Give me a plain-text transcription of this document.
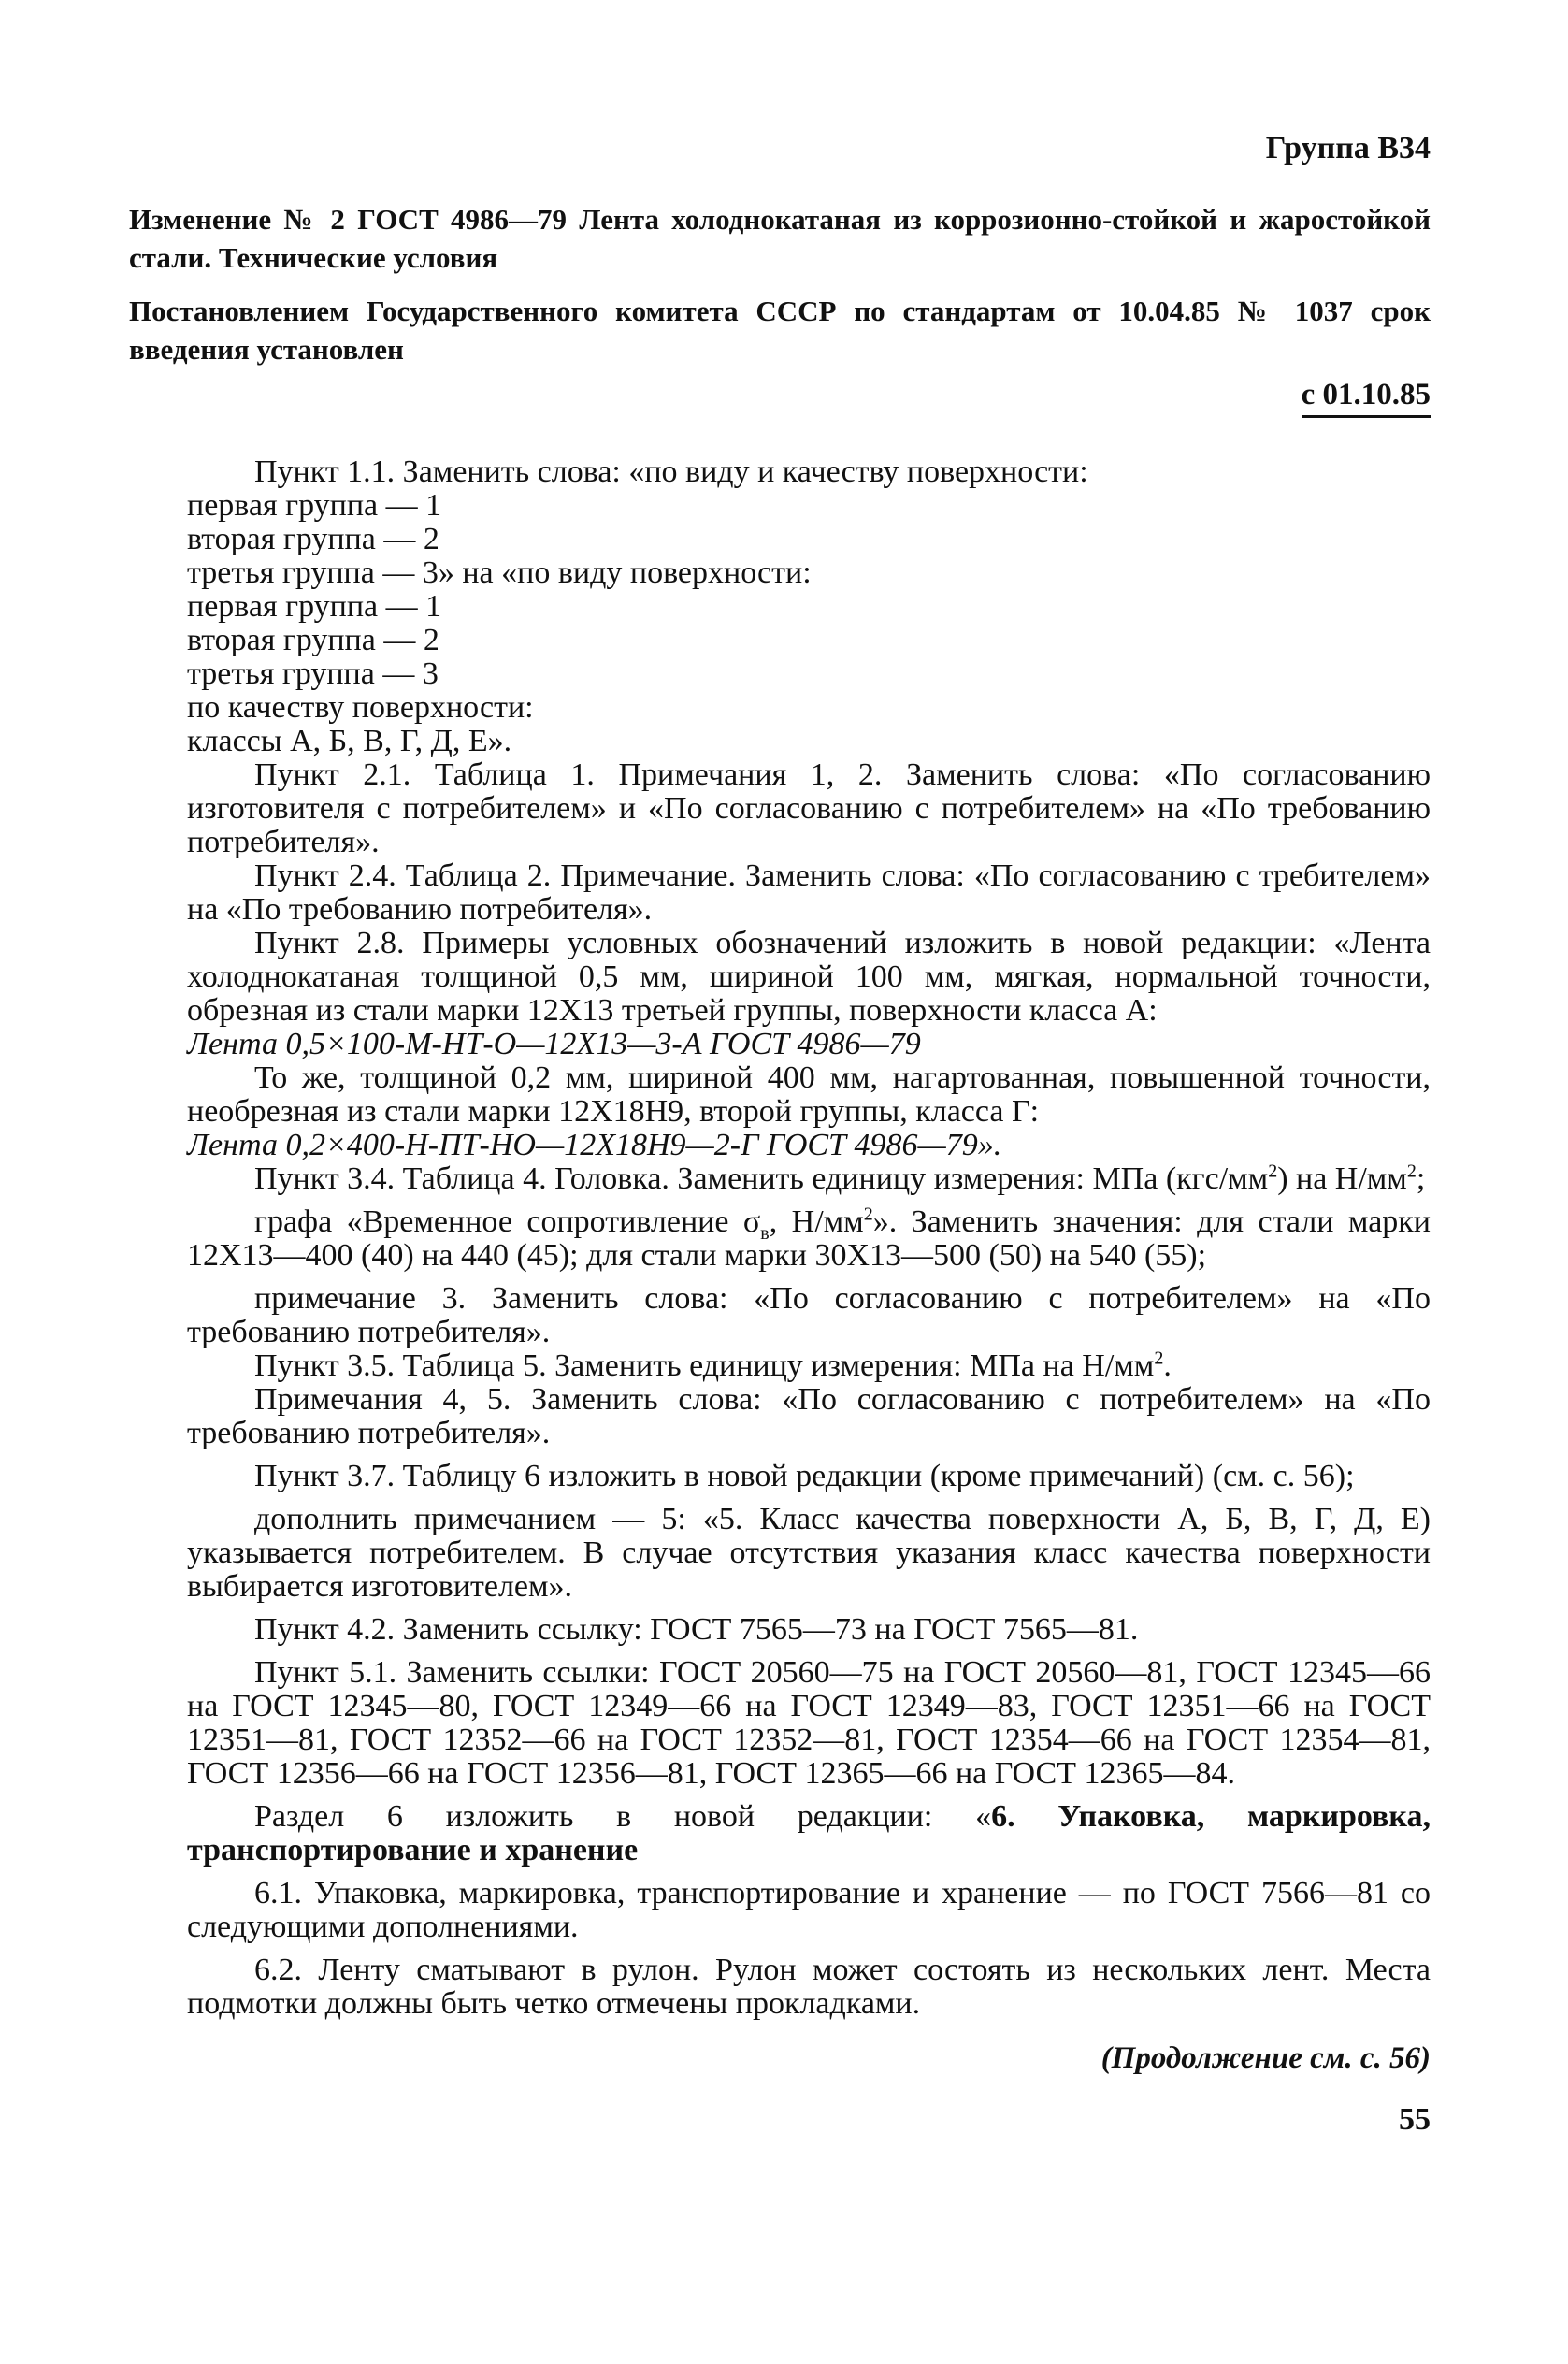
Группа В34

Изменение № 2 ГОСТ 4986—79 Лента холоднокатаная из коррозионно-стойкой и жаростойкой стали. Технические условия

Постановлением Государственного комитета СССР по стандартам от 10.04.85 № 1037 срок введения установлен

с 01.10.85

Пункт 1.1. Заменить слова: «по виду и качеству поверхности:

первая группа — 1

вторая группа — 2

третья группа — 3» на «по виду поверхности:

первая группа — 1

вторая группа — 2

третья группа — 3

по качеству поверхности:

классы А, Б, В, Г, Д, Е».

Пункт 2.1. Таблица 1. Примечания 1, 2. Заменить слова: «По согласованию изготовителя с потребителем» и «По согласованию с потребителем» на «По требованию потребителя».

Пункт 2.4. Таблица 2. Примечание. Заменить слова: «По согласованию с требителем» на «По требованию потребителя».

Пункт 2.8. Примеры условных обозначений изложить в новой редакции: «Лента холоднокатаная толщиной 0,5 мм, шириной 100 мм, мягкая, нормальной точности, обрезная из стали марки 12Х13 третьей группы, поверхности класса А:

Лента 0,5×100-М-НТ-О—12Х13—3-А ГОСТ 4986—79

То же, толщиной 0,2 мм, шириной 400 мм, нагартованная, повышенной точности, необрезная из стали марки 12Х18Н9, второй группы, класса Г:

Лента 0,2×400-Н-ПТ-НО—12Х18Н9—2-Г ГОСТ 4986—79».

Пункт 3.4. Таблица 4. Головка. Заменить единицу измерения: МПа $(кгс/мм^2)$ на $Н/мм^2$;

графа «Временное сопротивление $\sigma_в$, $Н/мм^2$». Заменить значения: для стали марки 12Х13—400 (40) на 440 (45); для стали марки 30Х13—500 (50) на 540 (55);

примечание 3. Заменить слова: «По согласованию с потребителем» на «По требованию потребителя».

Пункт 3.5. Таблица 5. Заменить единицу измерения: МПа на $Н/мм^2$.

Примечания 4, 5. Заменить слова: «По согласованию с потребителем» на «По требованию потребителя».

Пункт 3.7. Таблицу 6 изложить в новой редакции (кроме примечаний) (см. с. 56);

дополнить примечанием — 5: «5. Класс качества поверхности А, Б, В, Г, Д, Е) указывается потребителем. В случае отсутствия указания класс качества поверхности выбирается изготовителем».

Пункт 4.2. Заменить ссылку: ГОСТ 7565—73 на ГОСТ 7565—81.

Пункт 5.1. Заменить ссылки: ГОСТ 20560—75 на ГОСТ 20560—81, ГОСТ 12345—66 на ГОСТ 12345—80, ГОСТ 12349—66 на ГОСТ 12349—83, ГОСТ 12351—66 на ГОСТ 12351—81, ГОСТ 12352—66 на ГОСТ 12352—81, ГОСТ 12354—66 на ГОСТ 12354—81, ГОСТ 12356—66 на ГОСТ 12356—81, ГОСТ 12365—66 на ГОСТ 12365—84.

Раздел 6 изложить в новой редакции: «6. Упаковка, маркировка, транспортирование и хранение

6.1. Упаковка, маркировка, транспортирование и хранение — по ГОСТ 7566—81 со следующими дополнениями.

6.2. Ленту сматывают в рулон. Рулон может состоять из нескольких лент. Места подмотки должны быть четко отмечены прокладками.

(Продолжение см. с. 56)
55
